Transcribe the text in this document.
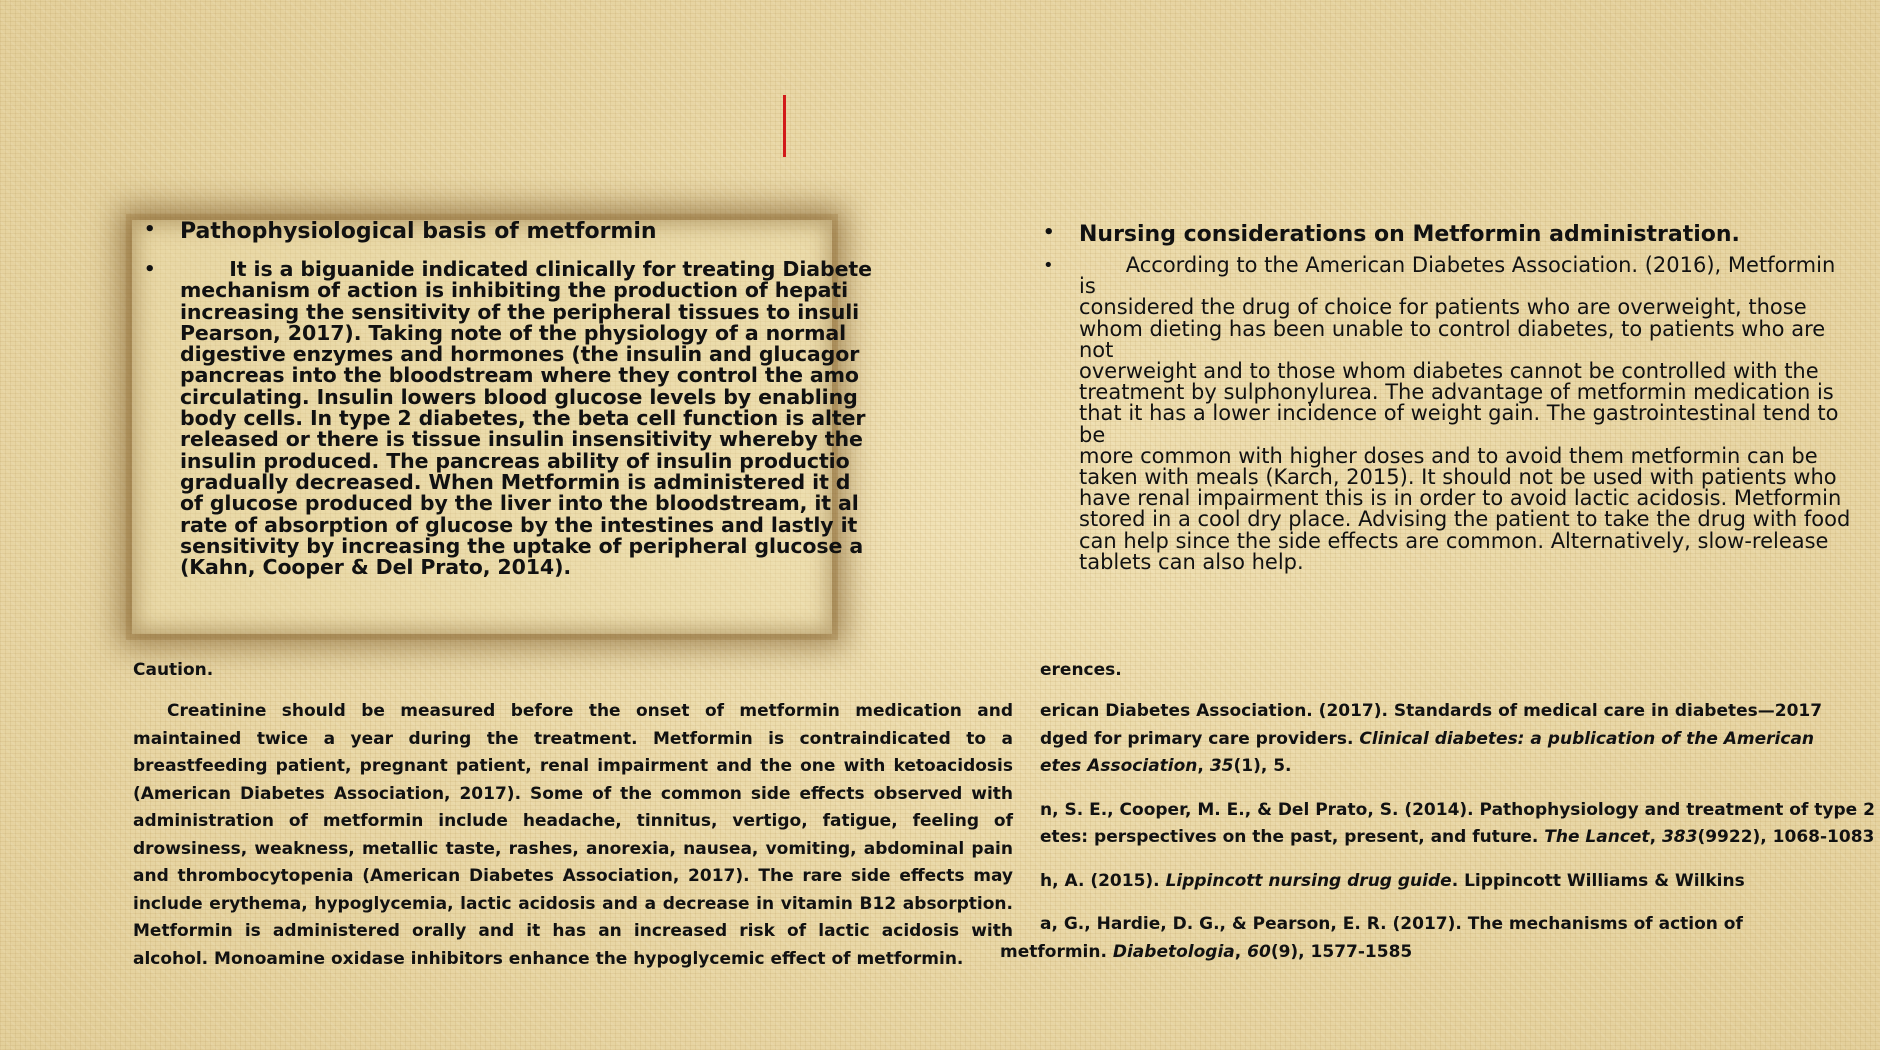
• Pathophysiological basis of metformin
•	It is a biguanide indicated clinically for treating Diabete
mechanism of action is inhibiting the production of hepati
increasing the sensitivity of the peripheral tissues to insuli
Pearson, 2017). Taking note of the physiology of a normal
digestive enzymes and hormones (the insulin and glucagor
pancreas into the bloodstream where they control the amo
circulating. Insulin lowers blood glucose levels by enabling
body cells. In type 2 diabetes, the beta cell function is alter
released or there is tissue insulin insensitivity whereby the
insulin produced. The pancreas ability of insulin productio
gradually decreased. When Metformin is administered it d
of glucose produced by the liver into the bloodstream, it al
rate of absorption of glucose by the intestines and lastly it
sensitivity by increasing the uptake of peripheral glucose a
(Kahn, Cooper & Del Prato, 2014).

• Nursing considerations on Metformin administration.
•	According to the American Diabetes Association. (2016), Metformin is
considered the drug of choice for patients who are overweight, those
whom dieting has been unable to control diabetes, to patients who are not
overweight and to those whom diabetes cannot be controlled with the
treatment by sulphonylurea. The advantage of metformin medication is
that it has a lower incidence of weight gain. The gastrointestinal tend to be
more common with higher doses and to avoid them metformin can be
taken with meals (Karch, 2015). It should not be used with patients who
have renal impairment this is in order to avoid lactic acidosis. Metformin
stored in a cool dry place. Advising the patient to take the drug with food
can help since the side effects are common. Alternatively, slow-release
tablets can also help.

Caution.

Creatinine should be measured before the onset of metformin medication and maintained twice a year during the treatment. Metformin is contraindicated to a breastfeeding patient, pregnant patient, renal impairment and the one with ketoacidosis (American Diabetes Association, 2017). Some of the common side effects observed with administration of metformin include headache, tinnitus, vertigo, fatigue, feeling of drowsiness, weakness, metallic taste, rashes, anorexia, nausea, vomiting, abdominal pain and thrombocytopenia (American Diabetes Association, 2017). The rare side effects may include erythema, hypoglycemia, lactic acidosis and a decrease in vitamin B12 absorption. Metformin is administered orally and it has an increased risk of lactic acidosis with alcohol. Monoamine oxidase inhibitors enhance the hypoglycemic effect of metformin.

erences.

erican Diabetes Association. (2017). Standards of medical care in diabetes—2017
dged for primary care providers. Clinical diabetes: a publication of the American
etes Association, 35(1), 5.

n, S. E., Cooper, M. E., & Del Prato, S. (2014). Pathophysiology and treatment of type 2
etes: perspectives on the past, present, and future. The Lancet, 383(9922), 1068-1083

h, A. (2015). Lippincott nursing drug guide. Lippincott Williams & Wilkins

a, G., Hardie, D. G., & Pearson, E. R. (2017). The mechanisms of action of
metformin. Diabetologia, 60(9), 1577-1585
